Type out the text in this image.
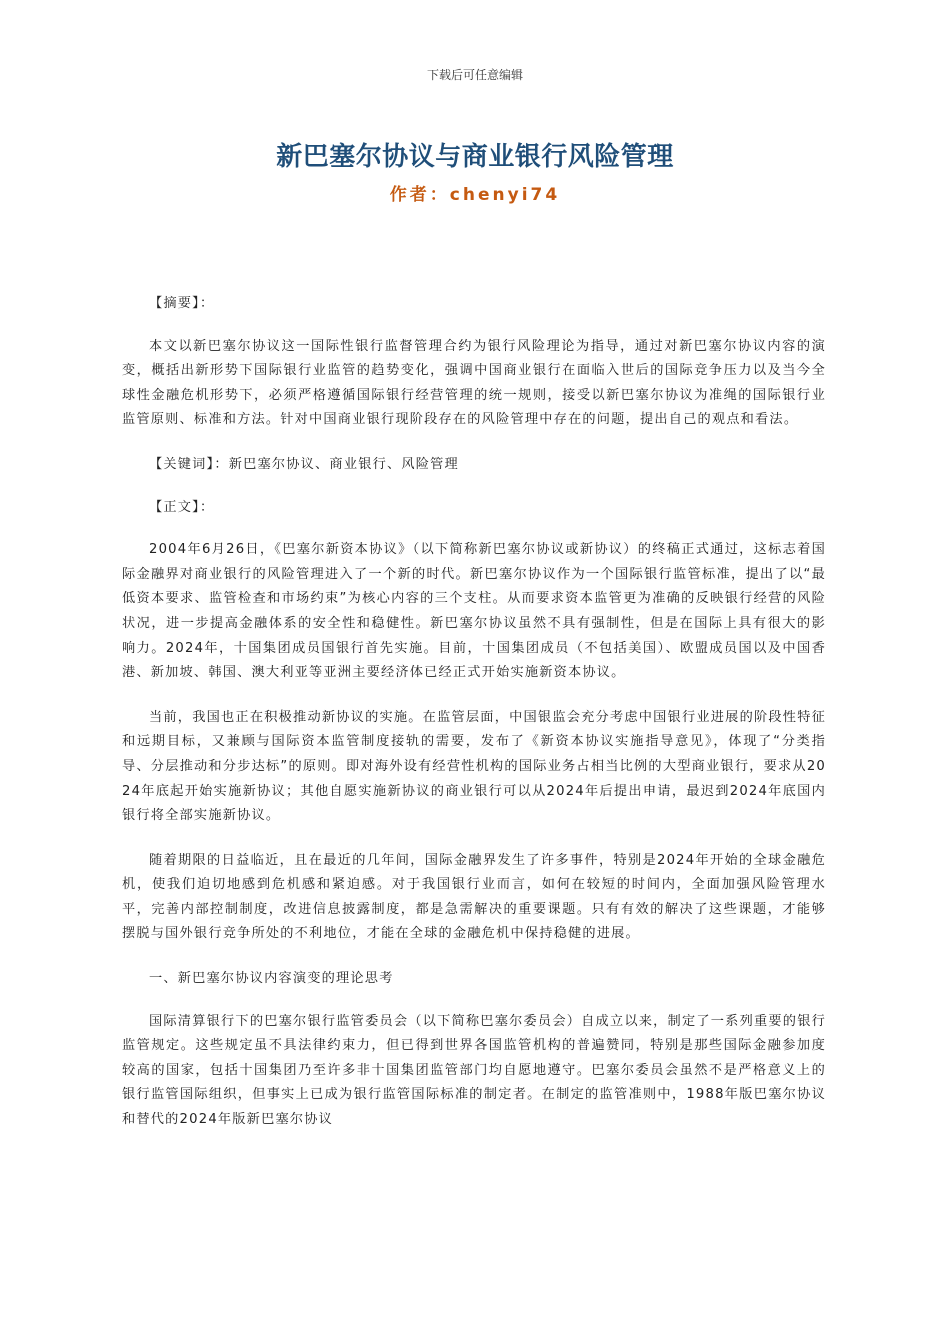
下载后可任意编辑
新巴塞尔协议与商业银行风险管理
作者：chenyi74

【摘要】：

本文以新巴塞尔协议这一国际性银行监督管理合约为银行风险理论为指导，通过对新巴塞尔协议内容的演变，概括出新形势下国际银行业监管的趋势变化，强调中国商业银行在面临入世后的国际竞争压力以及当今全球性金融危机形势下，必须严格遵循国际银行经营管理的统一规则，接受以新巴塞尔协议为准绳的国际银行业监管原则、标准和方法。针对中国商业银行现阶段存在的风险管理中存在的问题，提出自己的观点和看法。

【关键词】：新巴塞尔协议、商业银行、风险管理

【正文】：

2004年6月26日，《巴塞尔新资本协议》（以下简称新巴塞尔协议或新协议）的终稿正式通过，这标志着国际金融界对商业银行的风险管理进入了一个新的时代。新巴塞尔协议作为一个国际银行监管标准，提出了以“最低资本要求、监管检查和市场约束”为核心内容的三个支柱。从而要求资本监管更为准确的反映银行经营的风险状况，进一步提高金融体系的安全性和稳健性。新巴塞尔协议虽然不具有强制性，但是在国际上具有很大的影响力。2024年，十国集团成员国银行首先实施。目前，十国集团成员（不包括美国）、欧盟成员国以及中国香港、新加坡、韩国、澳大利亚等亚洲主要经济体已经正式开始实施新资本协议。

当前，我国也正在积极推动新协议的实施。在监管层面，中国银监会充分考虑中国银行业进展的阶段性特征和远期目标，又兼顾与国际资本监管制度接轨的需要，发布了《新资本协议实施指导意见》，体现了“分类指导、分层推动和分步达标”的原则。即对海外设有经营性机构的国际业务占相当比例的大型商业银行，要求从2024年底起开始实施新协议；其他自愿实施新协议的商业银行可以从2024年后提出申请，最迟到2024年底国内银行将全部实施新协议。

随着期限的日益临近，且在最近的几年间，国际金融界发生了许多事件，特别是2024年开始的全球金融危机，使我们迫切地感到危机感和紧迫感。对于我国银行业而言，如何在较短的时间内，全面加强风险管理水平，完善内部控制制度，改进信息披露制度，都是急需解决的重要课题。只有有效的解决了这些课题，才能够摆脱与国外银行竞争所处的不利地位，才能在全球的金融危机中保持稳健的进展。

一、新巴塞尔协议内容演变的理论思考

国际清算银行下的巴塞尔银行监管委员会（以下简称巴塞尔委员会）自成立以来，制定了一系列重要的银行监管规定。这些规定虽不具法律约束力，但已得到世界各国监管机构的普遍赞同，特别是那些国际金融参加度较高的国家，包括十国集团乃至许多非十国集团监管部门均自愿地遵守。巴塞尔委员会虽然不是严格意义上的银行监管国际组织，但事实上已成为银行监管国际标准的制定者。在制定的监管准则中，1988年版巴塞尔协议和替代的2024年版新巴塞尔协议
